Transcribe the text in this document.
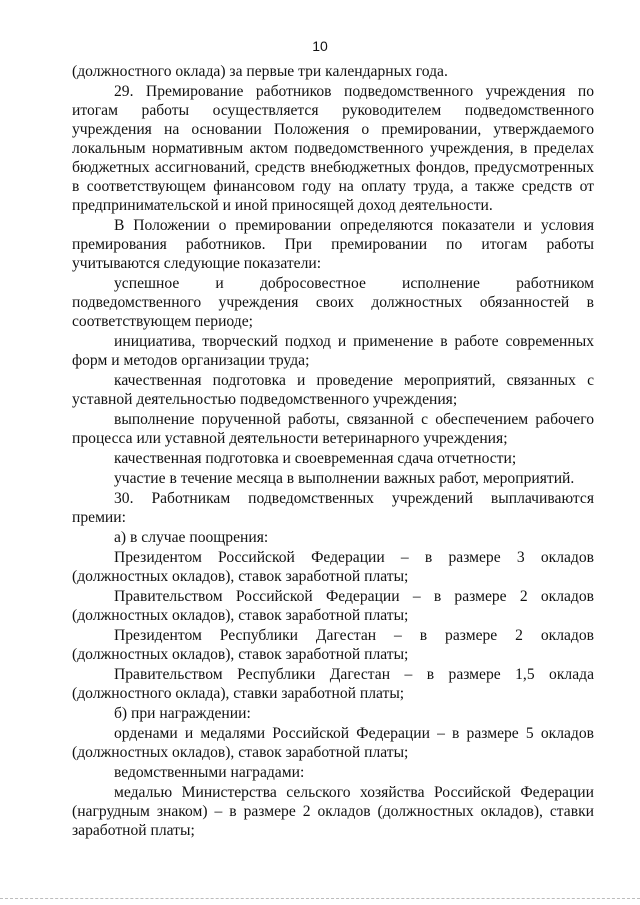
10

(должностного оклада) за первые три календарных года.

29. Премирование работников подведомственного учреждения по итогам работы осуществляется руководителем подведомственного учреждения на основании Положения о премировании, утверждаемого локальным нормативным актом подведомственного учреждения, в пределах бюджетных ассигнований, средств внебюджетных фондов, предусмотренных в соответствующем финансовом году на оплату труда, а также средств от предпринимательской и иной приносящей доход деятельности.

В Положении о премировании определяются показатели и условия премирования работников. При премировании по итогам работы учитываются следующие показатели:

успешное и добросовестное исполнение работником подведомственного учреждения своих должностных обязанностей в соответствующем периоде;

инициатива, творческий подход и применение в работе современных форм и методов организации труда;

качественная подготовка и проведение мероприятий, связанных с уставной деятельностью подведомственного учреждения;

выполнение порученной работы, связанной с обеспечением рабочего процесса или уставной деятельности ветеринарного учреждения;

качественная подготовка и своевременная сдача отчетности;

участие в течение месяца в выполнении важных работ, мероприятий.

30. Работникам подведомственных учреждений выплачиваются премии:

а) в случае поощрения:

Президентом Российской Федерации – в размере 3 окладов (должностных окладов), ставок заработной платы;

Правительством Российской Федерации – в размере 2 окладов (должностных окладов), ставок заработной платы;

Президентом Республики Дагестан – в размере 2 окладов (должностных окладов), ставок заработной платы;

Правительством Республики Дагестан – в размере 1,5 оклада (должностного оклада), ставки заработной платы;

б) при награждении:

орденами и медалями Российской Федерации – в размере 5 окладов (должностных окладов), ставок заработной платы;

ведомственными наградами:

медалью Министерства сельского хозяйства Российской Федерации (нагрудным знаком) – в размере 2 окладов (должностных окладов), ставки заработной платы;
